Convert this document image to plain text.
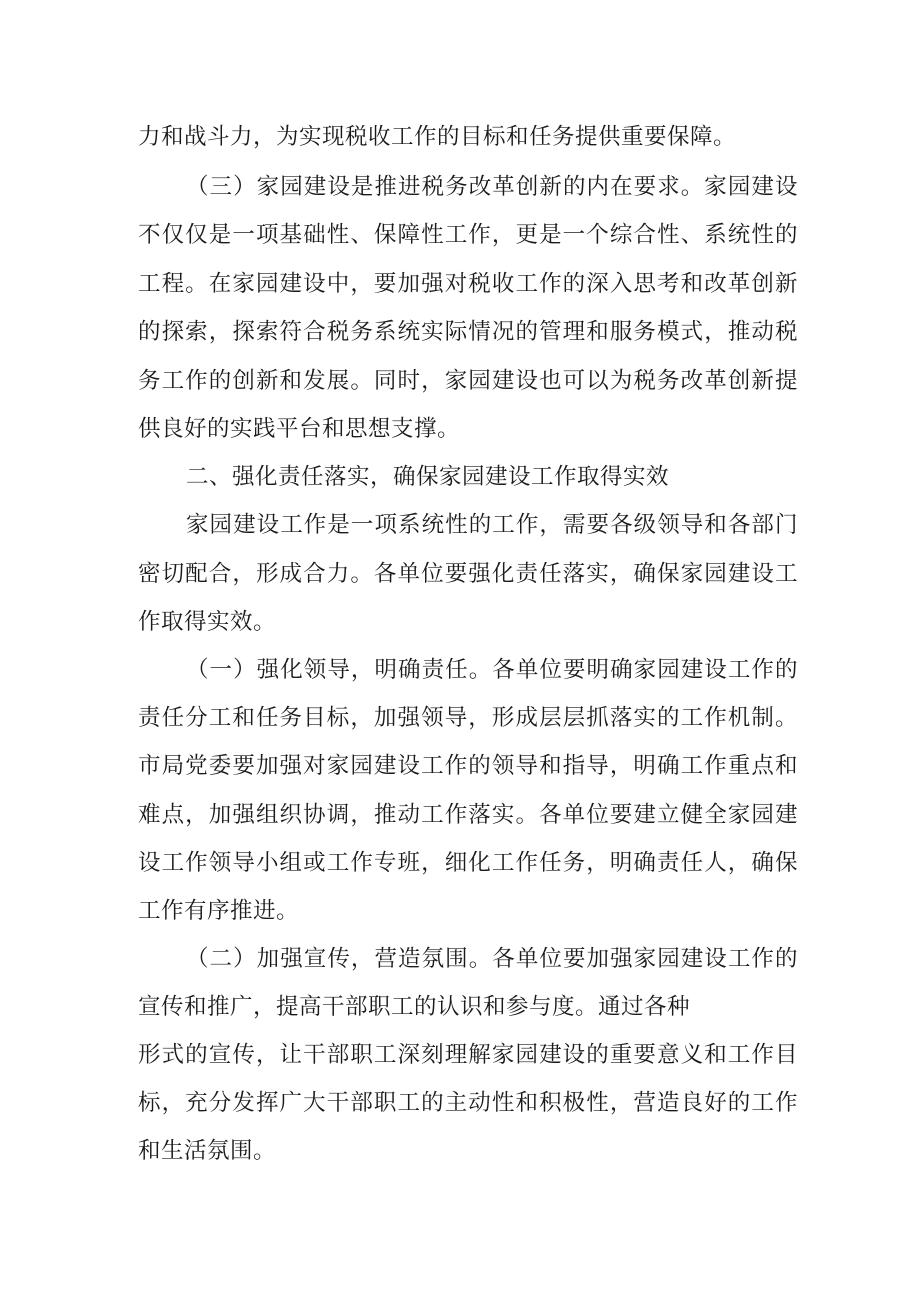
力和战斗力，为实现税收工作的目标和任务提供重要保障。
（三）家园建设是推进税务改革创新的内在要求。家园建设
不仅仅是一项基础性、保障性工作，更是一个综合性、系统性的
工程。在家园建设中，要加强对税收工作的深入思考和改革创新
的探索，探索符合税务系统实际情况的管理和服务模式，推动税
务工作的创新和发展。同时，家园建设也可以为税务改革创新提
供良好的实践平台和思想支撑。
二、强化责任落实，确保家园建设工作取得实效
家园建设工作是一项系统性的工作，需要各级领导和各部门
密切配合，形成合力。各单位要强化责任落实，确保家园建设工
作取得实效。
（一）强化领导，明确责任。各单位要明确家园建设工作的
责任分工和任务目标，加强领导，形成层层抓落实的工作机制。
市局党委要加强对家园建设工作的领导和指导，明确工作重点和
难点，加强组织协调，推动工作落实。各单位要建立健全家园建
设工作领导小组或工作专班，细化工作任务，明确责任人，确保
工作有序推进。
（二）加强宣传，营造氛围。各单位要加强家园建设工作的
宣传和推广，提高干部职工的认识和参与度。通过各种
形式的宣传，让干部职工深刻理解家园建设的重要意义和工作目
标，充分发挥广大干部职工的主动性和积极性，营造良好的工作
和生活氛围。
